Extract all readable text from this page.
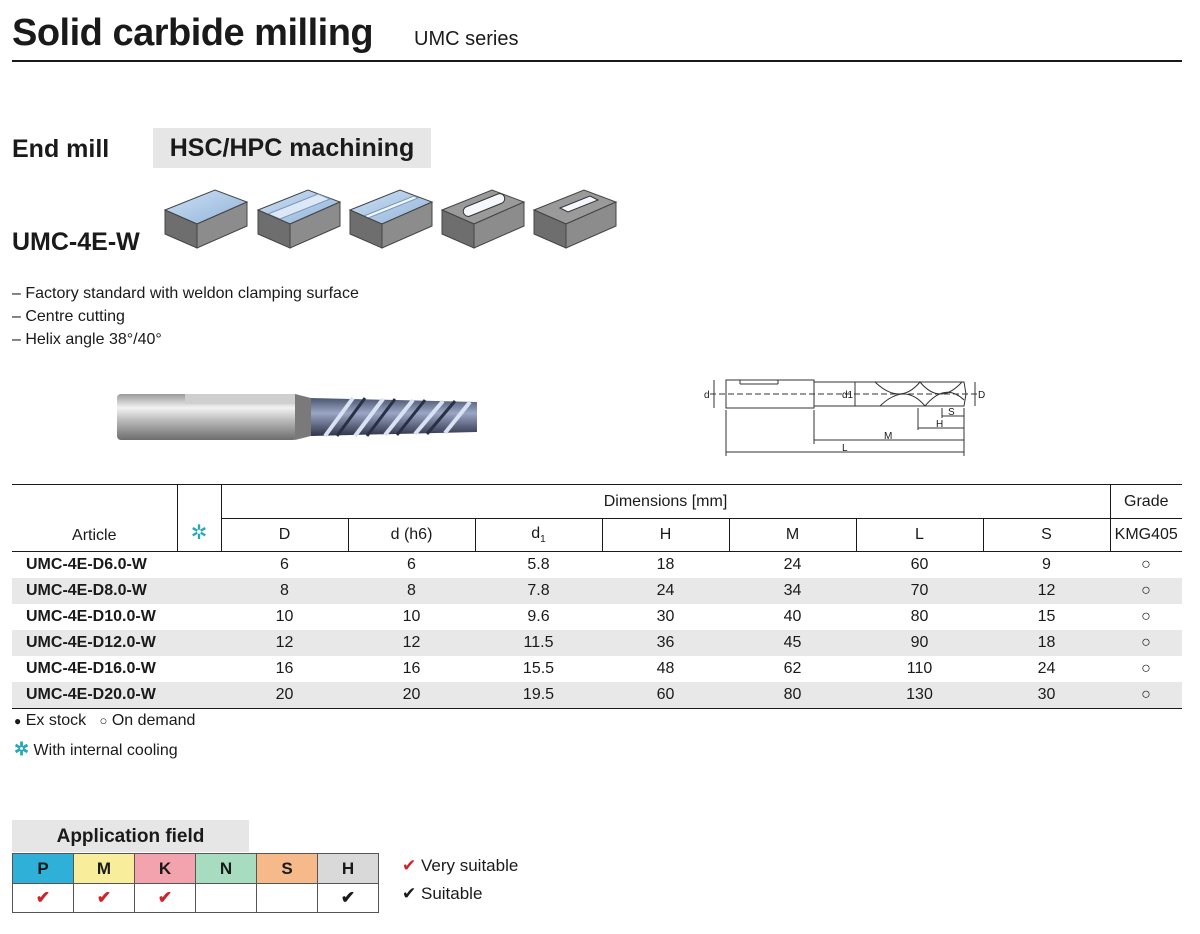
Solid carbide milling UMC series
End mill	HSC/HPC machining
UMC-4E-W
– Factory standard with weldon clamping surface
– Centre cutting
– Helix angle 38°/40°
d	d1	D
S
H
M
L
Article	✲	Dimensions [mm]							Grade
		D	d (h6)	$d_1$	H	M	L	S	KMG405
UMC-4E-D6.0-W		6	6	5.8	18	24	60	9	○
UMC-4E-D8.0-W		8	8	7.8	24	34	70	12	○
UMC-4E-D10.0-W		10	10	9.6	30	40	80	15	○
UMC-4E-D12.0-W		12	12	11.5	36	45	90	18	○
UMC-4E-D16.0-W		16	16	15.5	48	62	110	24	○
UMC-4E-D20.0-W		20	20	19.5	60	80	130	30	○
● Ex stock ○ On demand
✲ With internal cooling
Application field
P	M	K	N	S	H
✔	✔	✔			✔
✔ Very suitable
✔ Suitable
